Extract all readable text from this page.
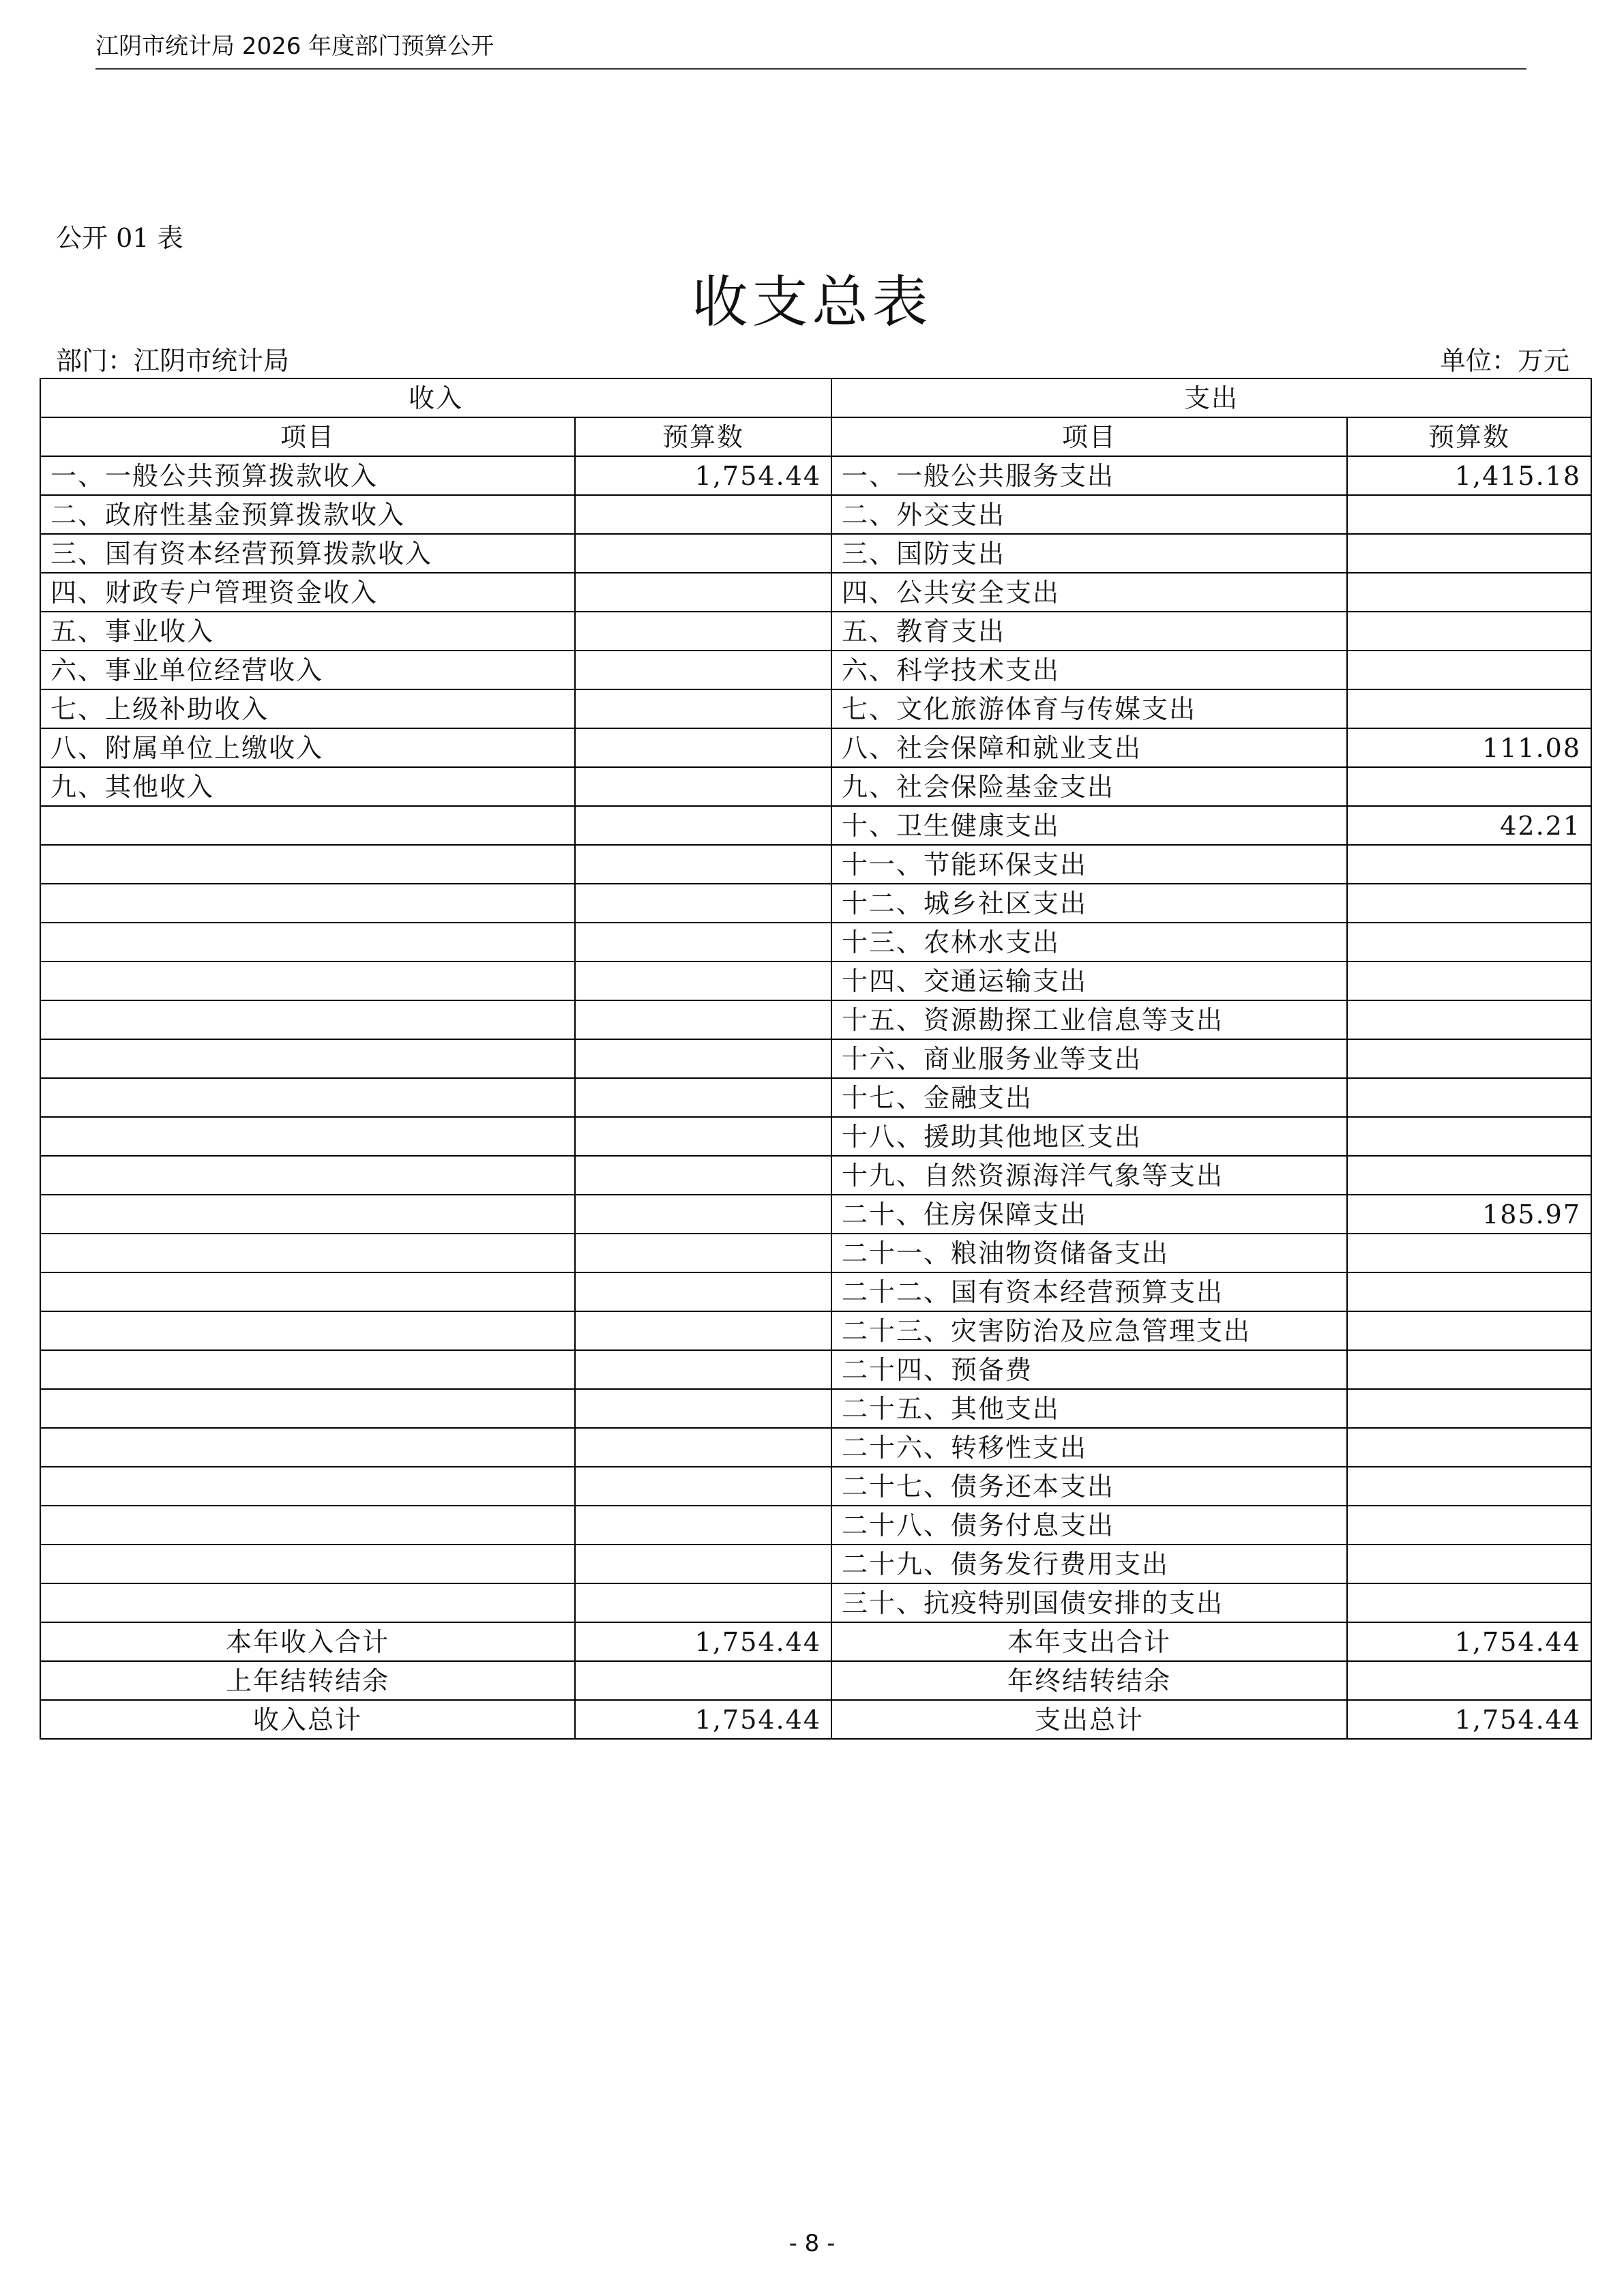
江阴市统计局 2026 年度部门预算公开
公开 01 表
收支总表
部门：江阴市统计局	单位：万元
收入		支出	
项目	预算数	项目	预算数
一、一般公共预算拨款收入	1,754.44	一、一般公共服务支出	1,415.18
二、政府性基金预算拨款收入		二、外交支出	
三、国有资本经营预算拨款收入		三、国防支出	
四、财政专户管理资金收入		四、公共安全支出	
五、事业收入		五、教育支出	
六、事业单位经营收入		六、科学技术支出	
七、上级补助收入		七、文化旅游体育与传媒支出	
八、附属单位上缴收入		八、社会保障和就业支出	111.08
九、其他收入		九、社会保险基金支出	
		十、卫生健康支出	42.21
		十一、节能环保支出	
		十二、城乡社区支出	
		十三、农林水支出	
		十四、交通运输支出	
		十五、资源勘探工业信息等支出	
		十六、商业服务业等支出	
		十七、金融支出	
		十八、援助其他地区支出	
		十九、自然资源海洋气象等支出	
		二十、住房保障支出	185.97
		二十一、粮油物资储备支出	
		二十二、国有资本经营预算支出	
		二十三、灾害防治及应急管理支出	
		二十四、预备费	
		二十五、其他支出	
		二十六、转移性支出	
		二十七、债务还本支出	
		二十八、债务付息支出	
		二十九、债务发行费用支出	
		三十、抗疫特别国债安排的支出	
本年收入合计	1,754.44	本年支出合计	1,754.44
上年结转结余		年终结转结余	
收入总计	1,754.44	支出总计	1,754.44
- 8 -
